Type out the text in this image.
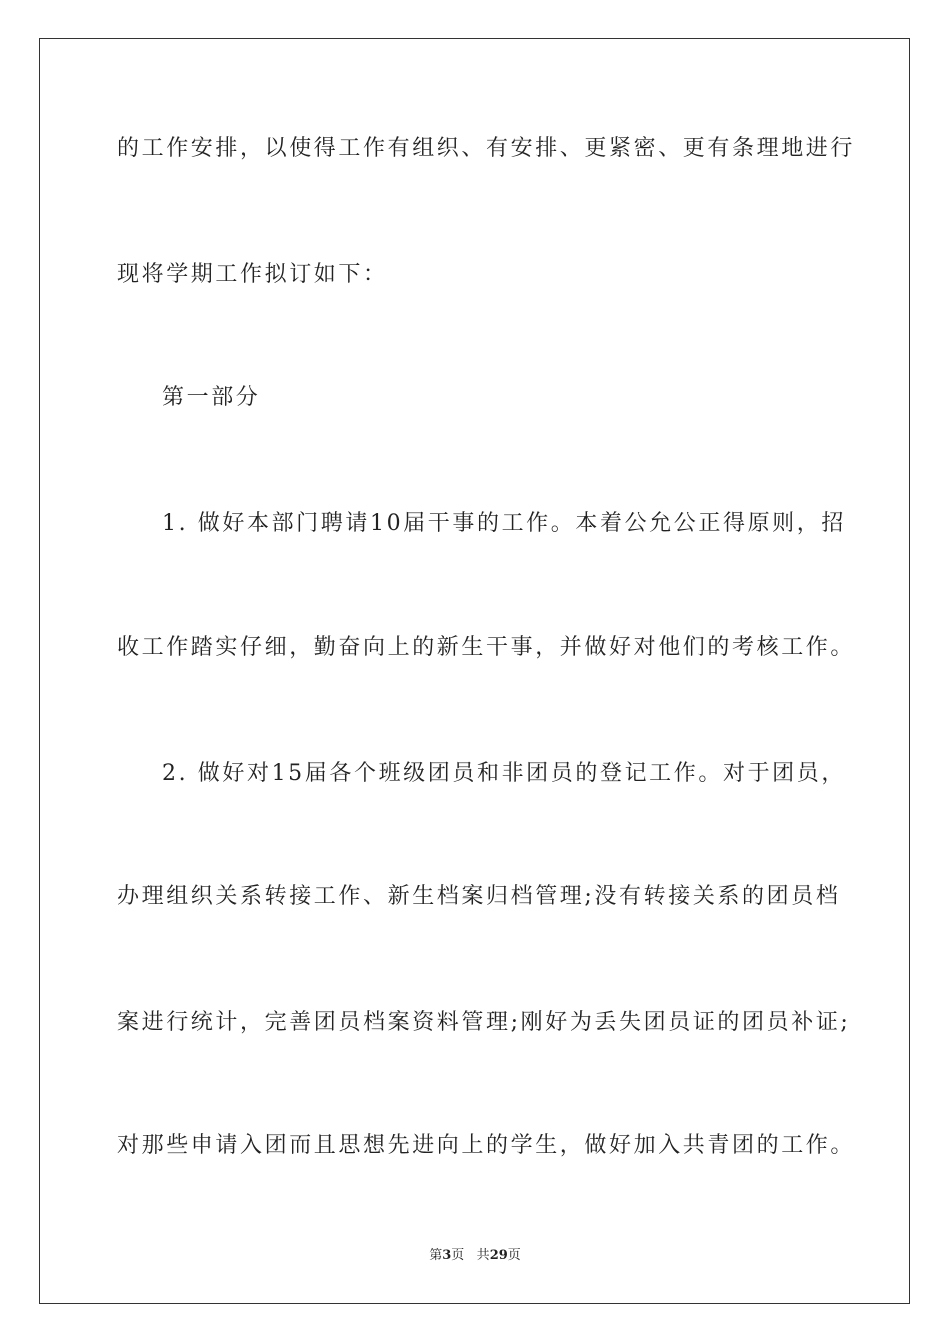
的工作安排，以使得工作有组织、有安排、更紧密、更有条理地进行
现将学期工作拟订如下：
第一部分
1. 做好本部门聘请10届干事的工作。本着公允公正得原则，招
收工作踏实仔细，勤奋向上的新生干事，并做好对他们的考核工作。
2. 做好对15届各个班级团员和非团员的登记工作。对于团员，
办理组织关系转接工作、新生档案归档管理;没有转接关系的团员档
案进行统计，完善团员档案资料管理;刚好为丢失团员证的团员补证;
对那些申请入团而且思想先进向上的学生，做好加入共青团的工作。
第3页 共29页
